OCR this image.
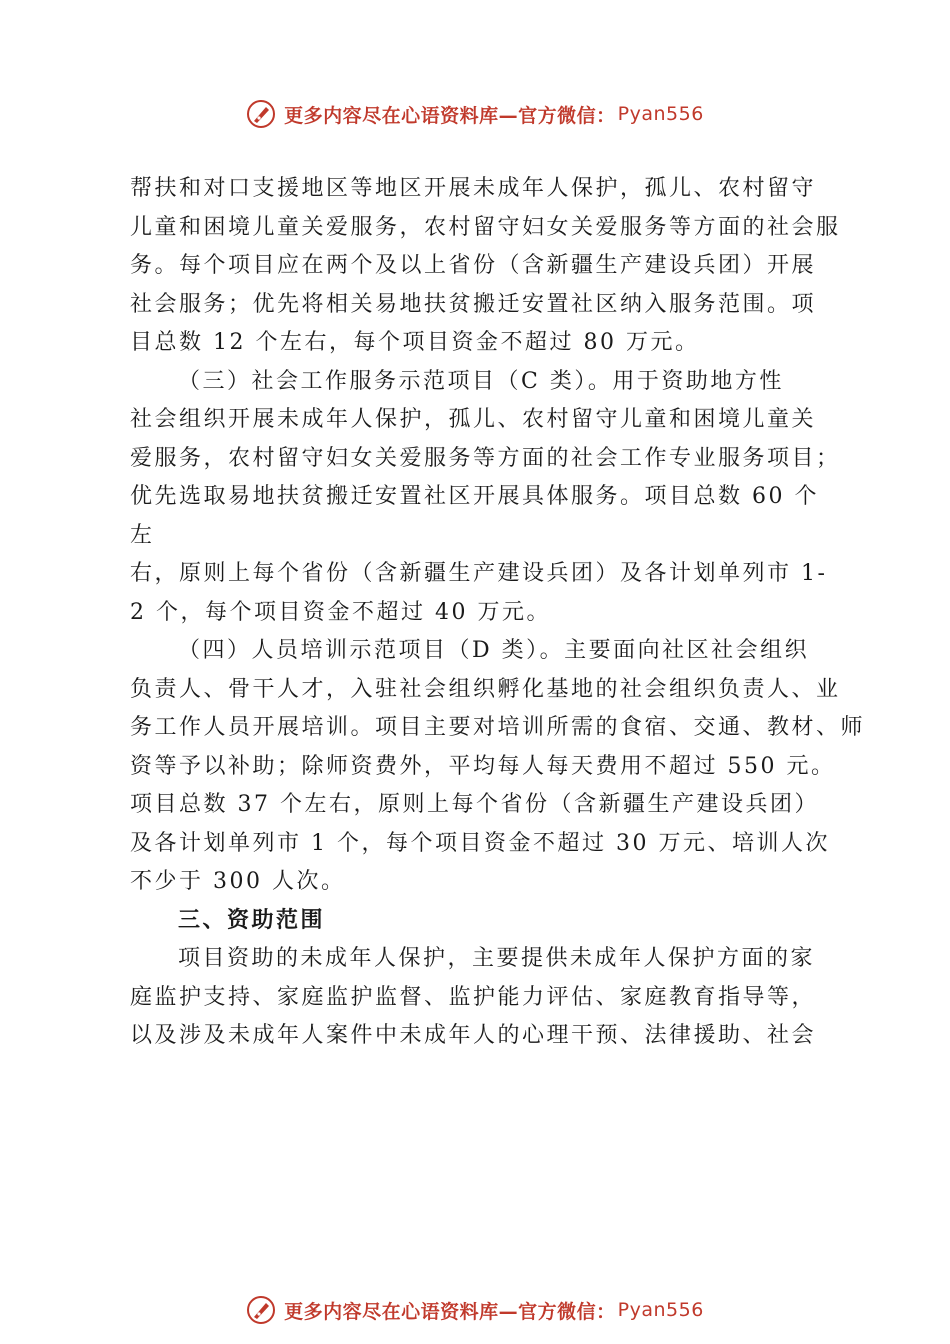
更多内容尽在心语资料库—官方微信： Pyan556
帮扶和对口支援地区等地区开展未成年人保护，孤儿、农村留守
儿童和困境儿童关爱服务，农村留守妇女关爱服务等方面的社会服
务。每个项目应在两个及以上省份（含新疆生产建设兵团）开展
社会服务；优先将相关易地扶贫搬迁安置社区纳入服务范围。项
目总数 12 个左右，每个项目资金不超过 80 万元。
（三）社会工作服务示范项目（C 类）。用于资助地方性
社会组织开展未成年人保护，孤儿、农村留守儿童和困境儿童关
爱服务，农村留守妇女关爱服务等方面的社会工作专业服务项目；
优先选取易地扶贫搬迁安置社区开展具体服务。项目总数 60 个
左
右，原则上每个省份（含新疆生产建设兵团）及各计划单列市 1-
2 个，每个项目资金不超过 40 万元。
（四）人员培训示范项目（D 类）。主要面向社区社会组织
负责人、骨干人才，入驻社会组织孵化基地的社会组织负责人、业
务工作人员开展培训。项目主要对培训所需的食宿、交通、教材、师
资等予以补助；除师资费外，平均每人每天费用不超过 550 元。
项目总数 37 个左右，原则上每个省份（含新疆生产建设兵团）
及各计划单列市 1 个，每个项目资金不超过 30 万元、培训人次
不少于 300 人次。
三、资助范围
项目资助的未成年人保护，主要提供未成年人保护方面的家
庭监护支持、家庭监护监督、监护能力评估、家庭教育指导等，
以及涉及未成年人案件中未成年人的心理干预、法律援助、社会
更多内容尽在心语资料库—官方微信： Pyan556
